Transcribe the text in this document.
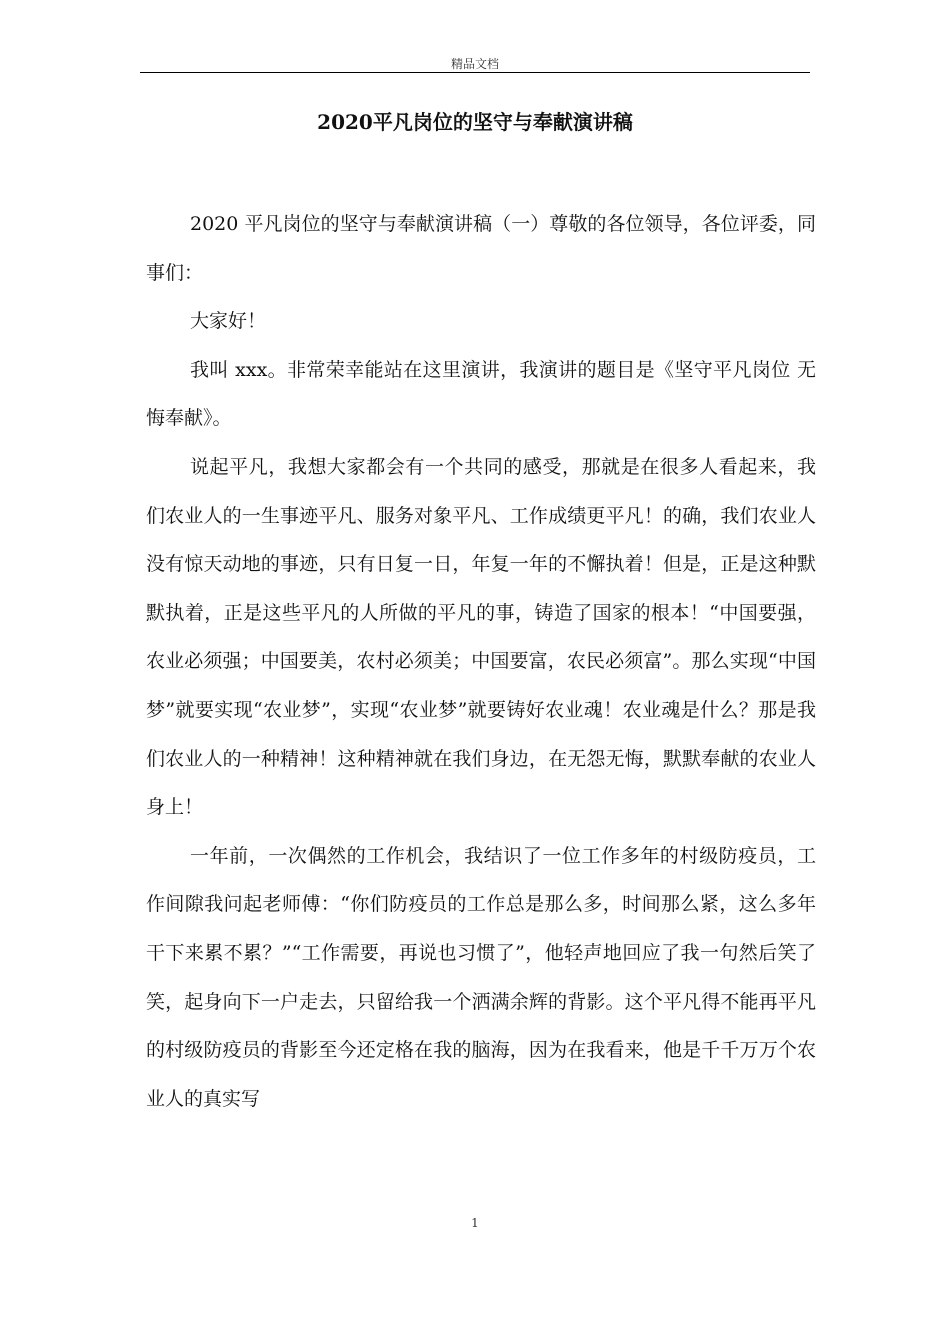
精品文档
2020平凡岗位的坚守与奉献演讲稿

2020 平凡岗位的坚守与奉献演讲稿（一）尊敬的各位领导，各位评委，同事们：

大家好！

我叫 xxx。非常荣幸能站在这里演讲，我演讲的题目是《坚守平凡岗位 无悔奉献》。

说起平凡，我想大家都会有一个共同的感受，那就是在很多人看起来，我们农业人的一生事迹平凡、服务对象平凡、工作成绩更平凡！的确，我们农业人没有惊天动地的事迹，只有日复一日，年复一年的不懈执着！但是，正是这种默默执着，正是这些平凡的人所做的平凡的事，铸造了国家的根本！“中国要强，农业必须强；中国要美，农村必须美；中国要富，农民必须富”。那么实现“中国梦”就要实现“农业梦”，实现“农业梦”就要铸好农业魂！农业魂是什么？那是我们农业人的一种精神！这种精神就在我们身边，在无怨无悔，默默奉献的农业人身上！

一年前，一次偶然的工作机会，我结识了一位工作多年的村级防疫员，工作间隙我问起老师傅：“你们防疫员的工作总是那么多，时间那么紧，这么多年干下来累不累？”“工作需要，再说也习惯了”，他轻声地回应了我一句然后笑了笑，起身向下一户走去，只留给我一个洒满余辉的背影。这个平凡得不能再平凡的村级防疫员的背影至今还定格在我的脑海，因为在我看来，他是千千万万个农业人的真实写

1
